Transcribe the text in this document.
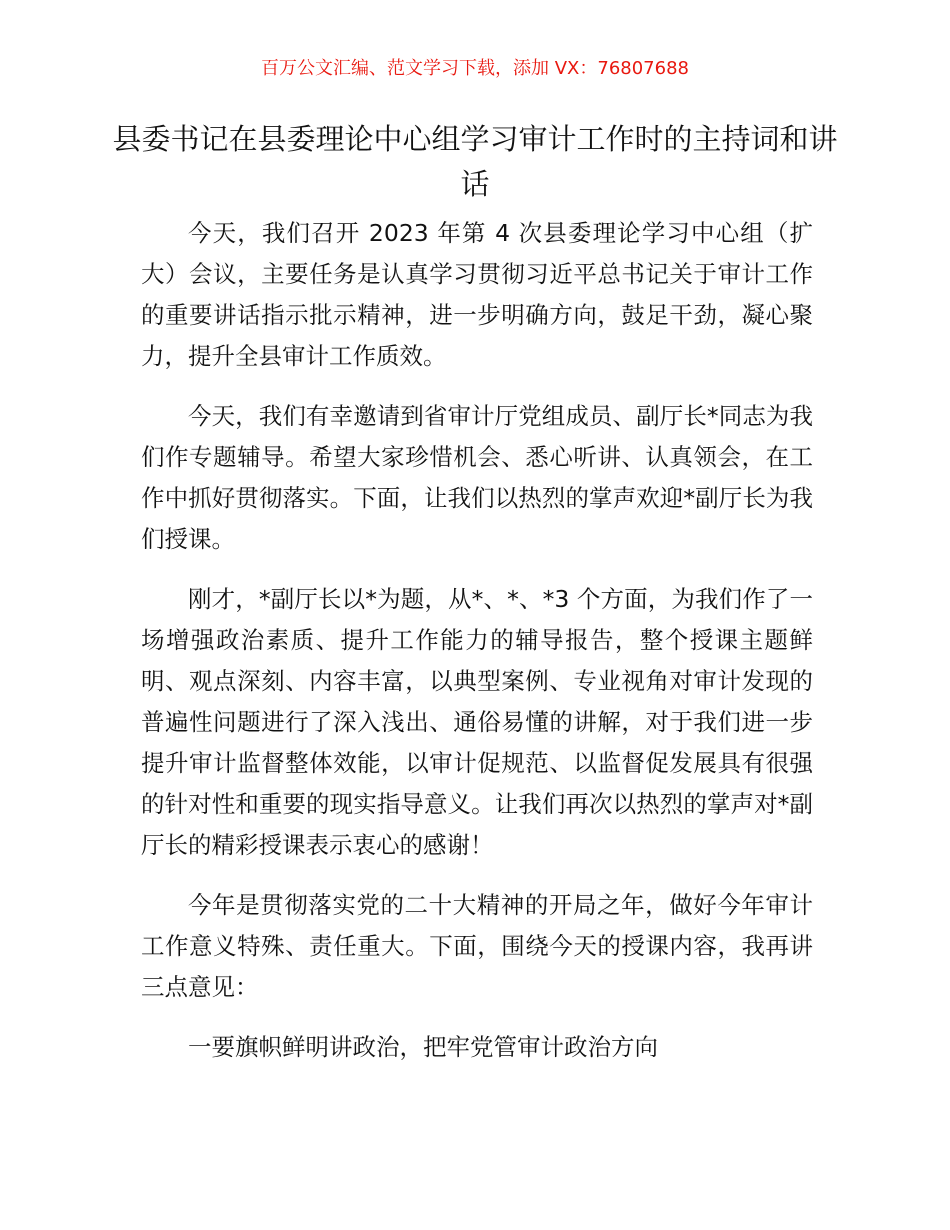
百万公文汇编、范文学习下载，添加 VX：76807688
县委书记在县委理论中心组学习审计工作时的主持词和讲话

今天，我们召开 2023 年第 4 次县委理论学习中心组（扩大）会议，主要任务是认真学习贯彻习近平总书记关于审计工作的重要讲话指示批示精神，进一步明确方向，鼓足干劲，凝心聚力，提升全县审计工作质效。

今天，我们有幸邀请到省审计厅党组成员、副厅长*同志为我们作专题辅导。希望大家珍惜机会、悉心听讲、认真领会，在工作中抓好贯彻落实。下面，让我们以热烈的掌声欢迎*副厅长为我们授课。

刚才，*副厅长以*为题，从*、*、*3 个方面，为我们作了一场增强政治素质、提升工作能力的辅导报告，整个授课主题鲜明、观点深刻、内容丰富，以典型案例、专业视角对审计发现的普遍性问题进行了深入浅出、通俗易懂的讲解，对于我们进一步提升审计监督整体效能，以审计促规范、以监督促发展具有很强的针对性和重要的现实指导意义。让我们再次以热烈的掌声对*副厅长的精彩授课表示衷心的感谢！

今年是贯彻落实党的二十大精神的开局之年，做好今年审计工作意义特殊、责任重大。下面，围绕今天的授课内容，我再讲三点意见：

一要旗帜鲜明讲政治，把牢党管审计政治方向
